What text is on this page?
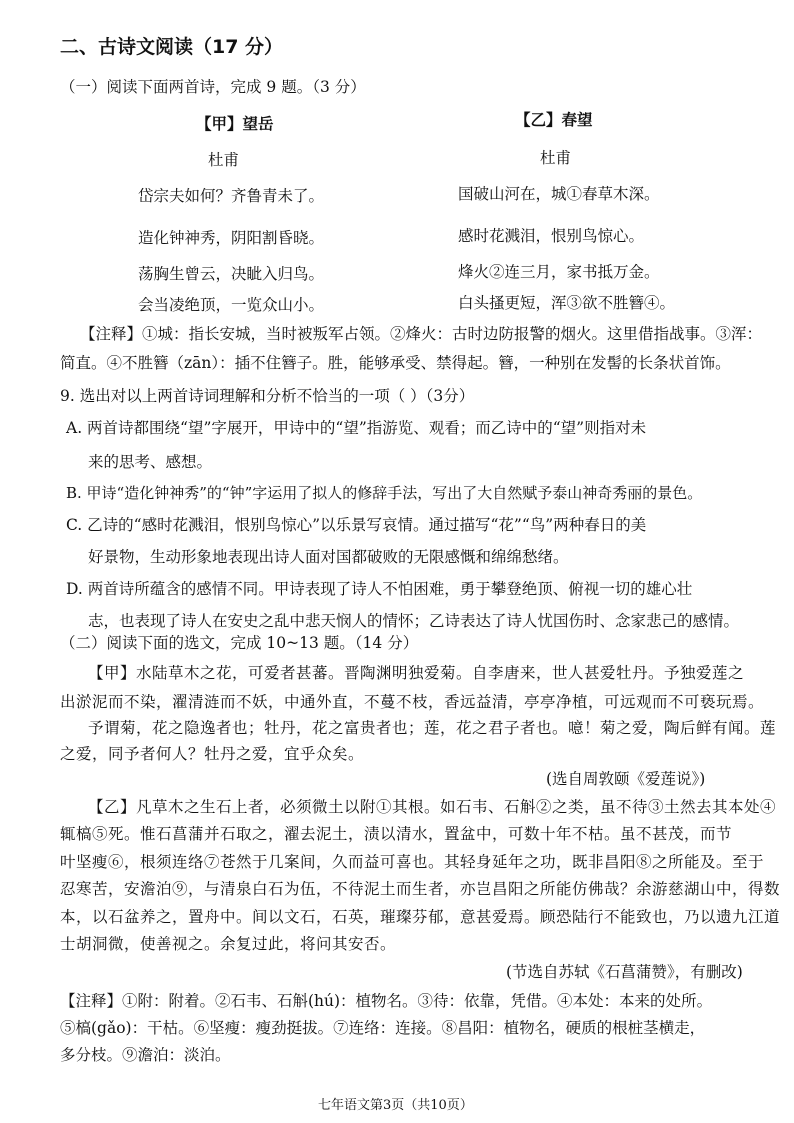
二、古诗文阅读（17 分）
（一）阅读下面两首诗，完成 9 题。（3 分）
【甲】望岳
杜甫
岱宗夫如何？齐鲁青未了。
造化钟神秀，阴阳割昏晓。
荡胸生曾云，决眦入归鸟。
会当凌绝顶，一览众山小。
【乙】春望
杜甫
国破山河在，城①春草木深。
感时花溅泪，恨别鸟惊心。
烽火②连三月，家书抵万金。
白头搔更短，浑③欲不胜簪④。
【注释】①城：指长安城，当时被叛军占领。②烽火：古时边防报警的烟火。这里借指战事。③浑：
简直。④不胜簪（zān）：插不住簪子。胜，能够承受、禁得起。簪，一种别在发髻的长条状首饰。
9. 选出对以上两首诗词理解和分析不恰当的一项（ ）（3分）
A. 两首诗都围绕“望”字展开，甲诗中的“望”指游览、观看；而乙诗中的“望”则指对未
来的思考、感想。
B. 甲诗“造化钟神秀”的“钟”字运用了拟人的修辞手法，写出了大自然赋予泰山神奇秀丽的景色。
C. 乙诗的“感时花溅泪，恨别鸟惊心”以乐景写哀情。通过描写“花”“鸟”两种春日的美
好景物，生动形象地表现出诗人面对国都破败的无限感慨和绵绵愁绪。
D. 两首诗所蕴含的感情不同。甲诗表现了诗人不怕困难，勇于攀登绝顶、俯视一切的雄心壮
志，也表现了诗人在安史之乱中悲天悯人的情怀；乙诗表达了诗人忧国伤时、念家悲己的感情。
（二）阅读下面的选文，完成 10~13 题。（14 分）
【甲】水陆草木之花，可爱者甚蕃。晋陶渊明独爱菊。自李唐来，世人甚爱牡丹。予独爱莲之
出淤泥而不染，濯清涟而不妖，中通外直，不蔓不枝，香远益清，亭亭净植，可远观而不可亵玩焉。
予谓菊，花之隐逸者也；牡丹，花之富贵者也；莲，花之君子者也。噫！菊之爱，陶后鲜有闻。莲
之爱，同予者何人？牡丹之爱，宜乎众矣。
(选自周敦颐《爱莲说》)
【乙】凡草木之生石上者，必须微土以附①其根。如石韦、石斛②之类，虽不待③土然去其本处④
辄槁⑤死。惟石菖蒲并石取之，濯去泥土，渍以清水，置盆中，可数十年不枯。虽不甚茂，而节
叶坚瘦⑥，根须连络⑦苍然于几案间，久而益可喜也。其轻身延年之功，既非昌阳⑧之所能及。至于
忍寒苦，安澹泊⑨，与清泉白石为伍，不待泥土而生者，亦岂昌阳之所能仿佛哉？余游慈湖山中，得数
本，以石盆养之，置舟中。间以文石，石英，璀璨芬郁，意甚爱焉。顾恐陆行不能致也，乃以遗九江道
士胡洞微，使善视之。余复过此，将问其安否。
(节选自苏轼《石菖蒲赞》，有删改)
【注释】①附：附着。②石韦、石斛(hú)：植物名。③待：依靠，凭借。④本处：本来的处所。
⑤槁(gǎo)：干枯。⑥坚瘦：瘦劲挺拔。⑦连络：连接。⑧昌阳：植物名，硬质的根桩茎横走，
多分枝。⑨澹泊：淡泊。
七年语文第3页（共10页）
